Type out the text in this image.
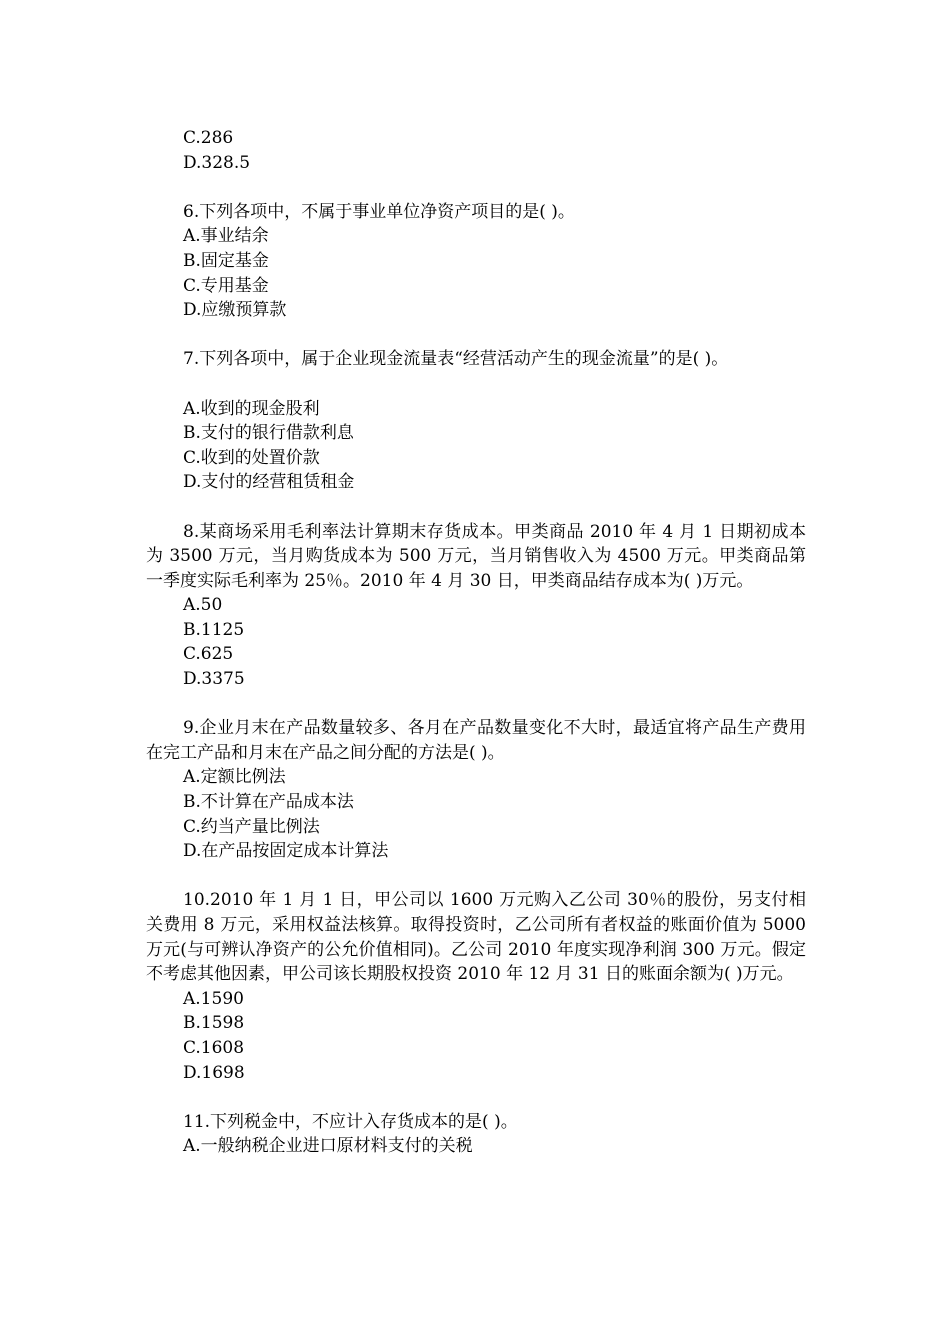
C.286
D.328.5
6.下列各项中，不属于事业单位净资产项目的是( )。
A.事业结余
B.固定基金
C.专用基金
D.应缴预算款
7.下列各项中，属于企业现金流量表“经营活动产生的现金流量”的是( )。
A.收到的现金股利
B.支付的银行借款利息
C.收到的处置价款
D.支付的经营租赁租金
8.某商场采用毛利率法计算期末存货成本。甲类商品 2010 年 4 月 1 日期初成本为 3500 万元，当月购货成本为 500 万元，当月销售收入为 4500 万元。甲类商品第一季度实际毛利率为 25％。2010 年 4 月 30 日，甲类商品结存成本为( )万元。
A.50
B.1125
C.625
D.3375
9.企业月末在产品数量较多、各月在产品数量变化不大时，最适宜将产品生产费用在完工产品和月末在产品之间分配的方法是( )。
A.定额比例法
B.不计算在产品成本法
C.约当产量比例法
D.在产品按固定成本计算法
10.2010 年 1 月 1 日，甲公司以 1600 万元购入乙公司 30％的股份，另支付相关费用 8 万元，采用权益法核算。取得投资时，乙公司所有者权益的账面价值为 5000 万元(与可辨认净资产的公允价值相同)。乙公司 2010 年度实现净利润 300 万元。假定不考虑其他因素，甲公司该长期股权投资 2010 年 12 月 31 日的账面余额为( )万元。
A.1590
B.1598
C.1608
D.1698
11.下列税金中，不应计入存货成本的是( )。
A.一般纳税企业进口原材料支付的关税
